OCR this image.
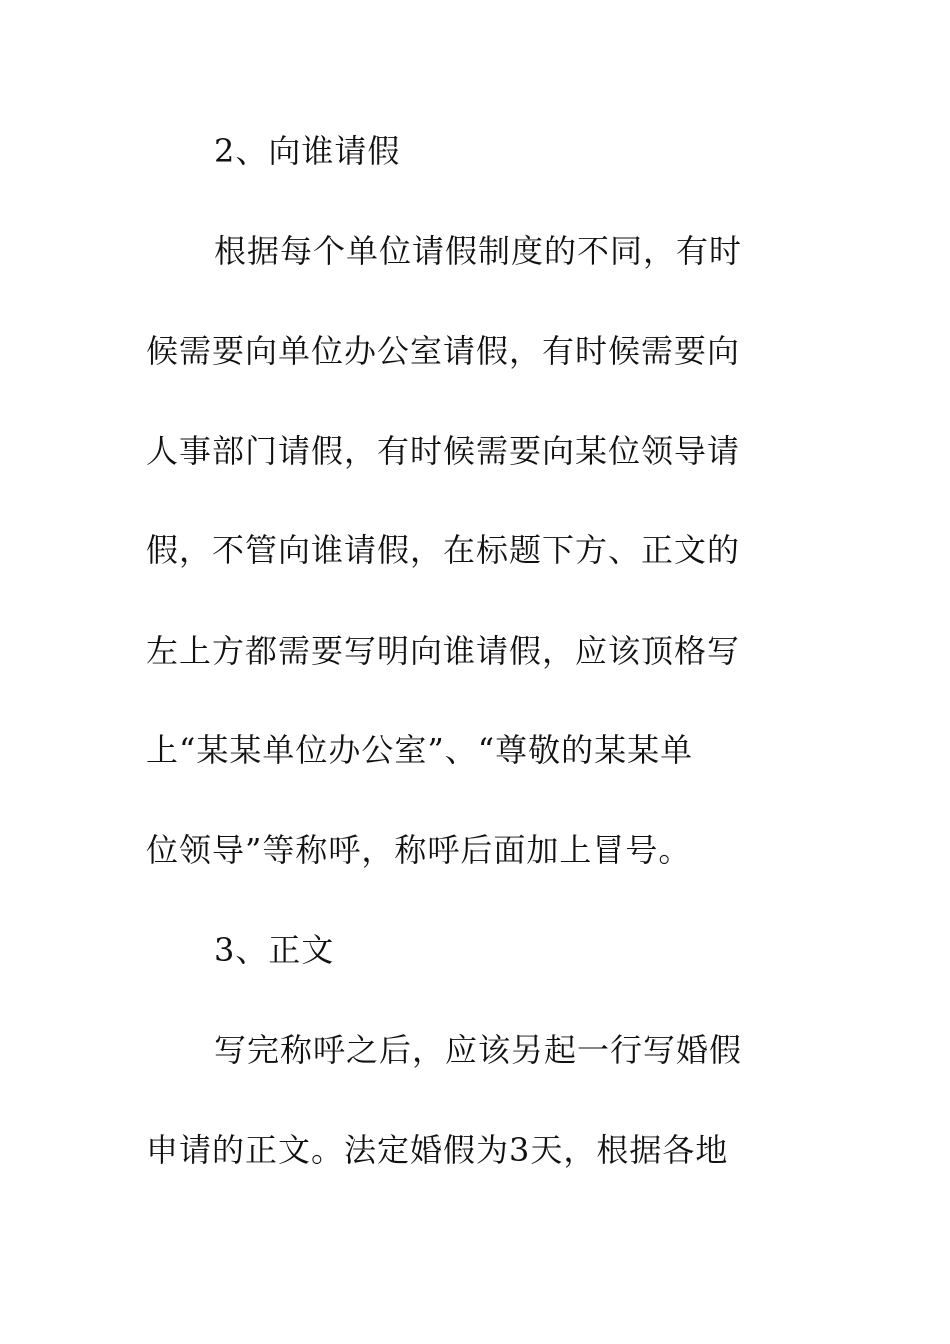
2、向谁请假
根据每个单位请假制度的不同，有时
候需要向单位办公室请假，有时候需要向
人事部门请假，有时候需要向某位领导请
假，不管向谁请假，在标题下方、正文的
左上方都需要写明向谁请假，应该顶格写
上“某某单位办公室”、“尊敬的某某单
位领导”等称呼，称呼后面加上冒号。
3、正文
写完称呼之后，应该另起一行写婚假
申请的正文。法定婚假为3天，根据各地
